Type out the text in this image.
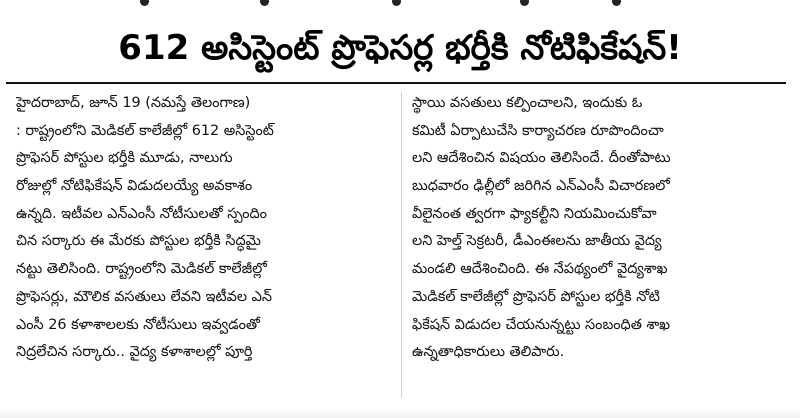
612 అసిస్టెంట్ ప్రొఫెసర్ల భర్తీకి నోటిఫికేషన్!
హైదరాబాద్, జూన్ 19 (నమస్తే తెలంగాణ)
: రాష్ట్రంలోని మెడికల్ కాలేజీల్లో 612 అసిస్టెంట్
ప్రొఫెసర్ పోస్టుల భర్తీకి మూడు, నాలుగు
రోజుల్లో నోటిఫికేషన్ విడుదలయ్యే అవకాశం
ఉన్నది. ఇటీవల ఎన్ఎంసీ నోటీసులతో స్పందిం
చిన సర్కారు ఈ మేరకు పోస్టుల భర్తీకి సిద్ధమై
నట్టు తెలిసింది. రాష్ట్రంలోని మెడికల్ కాలేజీల్లో
ప్రొఫెసర్లు, మౌలిక వసతులు లేవని ఇటీవల ఎన్
ఎంసీ 26 కళాశాలలకు నోటీసులు ఇవ్వడంతో
నిద్రలేచిన సర్కారు.. వైద్య కళాశాలల్లో పూర్తి
స్థాయి వసతులు కల్పించాలని, ఇందుకు ఓ
కమిటీ ఏర్పాటుచేసి కార్యాచరణ రూపొందించా
లని ఆదేశించిన విషయం తెలిసిందే. దీంతోపాటు
బుధవారం ఢిల్లీలో జరిగిన ఎన్ఎంసీ విచారణలో
వీలైనంత త్వరగా ఫ్యాకల్టీని నియమించుకోవా
లని హెల్త్ సెక్రటరీ, డీఎంఈలను జాతీయ వైద్య
మండలి ఆదేశించింది. ఈ నేపథ్యంలో వైద్యశాఖ
మెడికల్ కాలేజీల్లో ప్రొఫెసర్ పోస్టుల భర్తీకి నోటి
ఫికేషన్ విడుదల చేయనున్నట్టు సంబంధిత శాఖ
ఉన్నతాధికారులు తెలిపారు.
